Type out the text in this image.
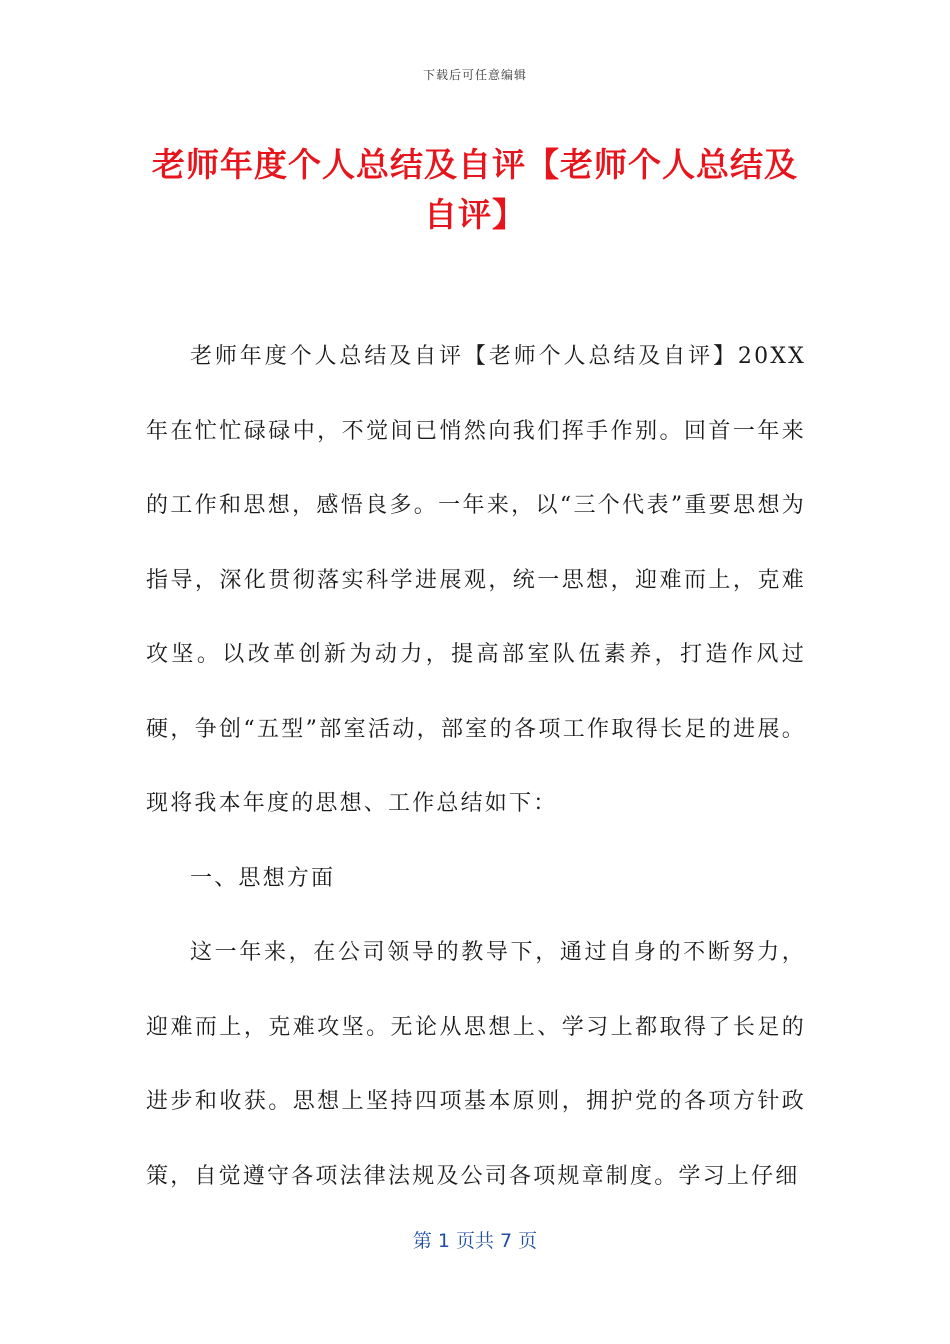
下载后可任意编辑
老师年度个人总结及自评【老师个人总结及自评】

老师年度个人总结及自评【老师个人总结及自评】20XX年在忙忙碌碌中，不觉间已悄然向我们挥手作别。回首一年来的工作和思想，感悟良多。一年来，以“三个代表”重要思想为指导，深化贯彻落实科学进展观，统一思想，迎难而上，克难攻坚。以改革创新为动力，提高部室队伍素养，打造作风过硬，争创“五型”部室活动，部室的各项工作取得长足的进展。现将我本年度的思想、工作总结如下：

一、思想方面

这一年来，在公司领导的教导下，通过自身的不断努力，迎难而上，克难攻坚。无论从思想上、学习上都取得了长足的进步和收获。思想上坚持四项基本原则，拥护党的各项方针政策，自觉遵守各项法律法规及公司各项规章制度。学习上仔细

第 1 页共 7 页
